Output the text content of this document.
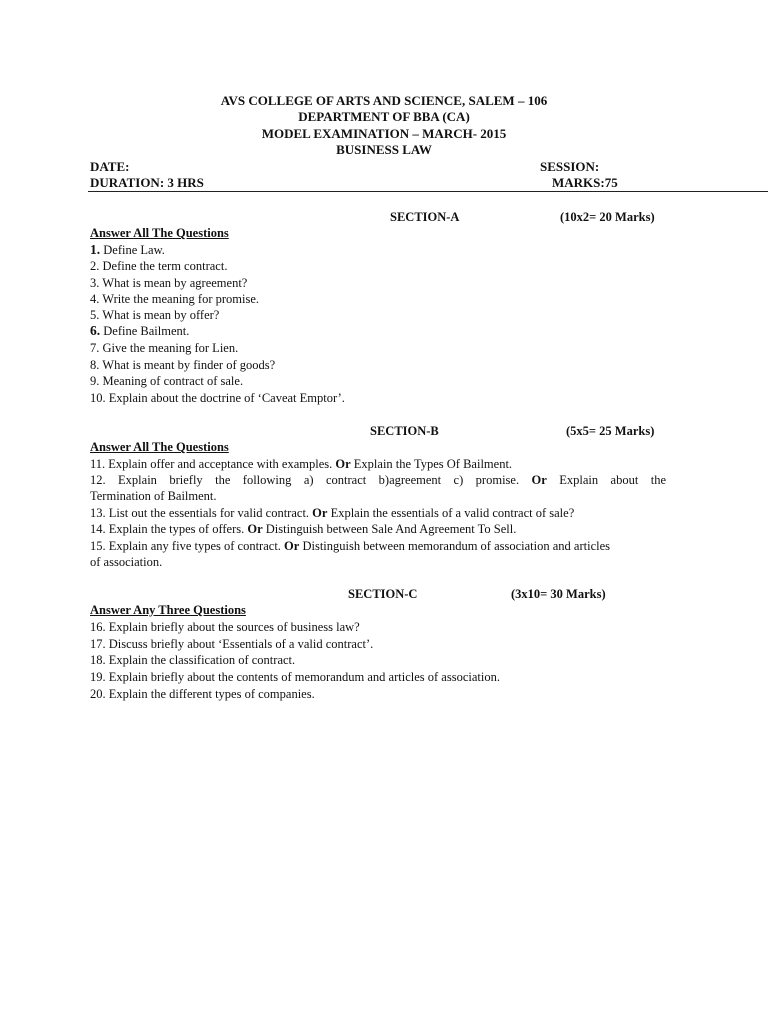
AVS COLLEGE OF ARTS AND SCIENCE, SALEM – 106
DEPARTMENT OF BBA (CA)
MODEL EXAMINATION – MARCH- 2015
BUSINESS LAW
DATE:	SESSION:
DURATION: 3 HRS	MARKS:75
SECTION-A	(10x2= 20 Marks)
Answer All The Questions
1. Define Law.
2. Define the term contract.
3. What is mean by agreement?
4. Write the meaning for promise.
5. What is mean by offer?
6. Define Bailment.
7. Give the meaning for Lien.
8. What is meant by finder of goods?
9. Meaning of contract of sale.
10. Explain about the doctrine of ‘Caveat Emptor’.
SECTION-B	(5x5= 25 Marks)
Answer All The Questions
11. Explain offer and acceptance with examples. Or Explain the Types Of Bailment.
12. Explain briefly the following a) contract b)agreement c) promise. Or Explain about the
Termination of Bailment.
13. List out the essentials for valid contract. Or Explain the essentials of a valid contract of sale?
14. Explain the types of offers. Or Distinguish between Sale And Agreement To Sell.
15. Explain any five types of contract. Or Distinguish between memorandum of association and articles
of association.
SECTION-C	(3x10= 30 Marks)
Answer Any Three Questions
16. Explain briefly about the sources of business law?
17. Discuss briefly about ‘Essentials of a valid contract’.
18. Explain the classification of contract.
19. Explain briefly about the contents of memorandum and articles of association.
20. Explain the different types of companies.
